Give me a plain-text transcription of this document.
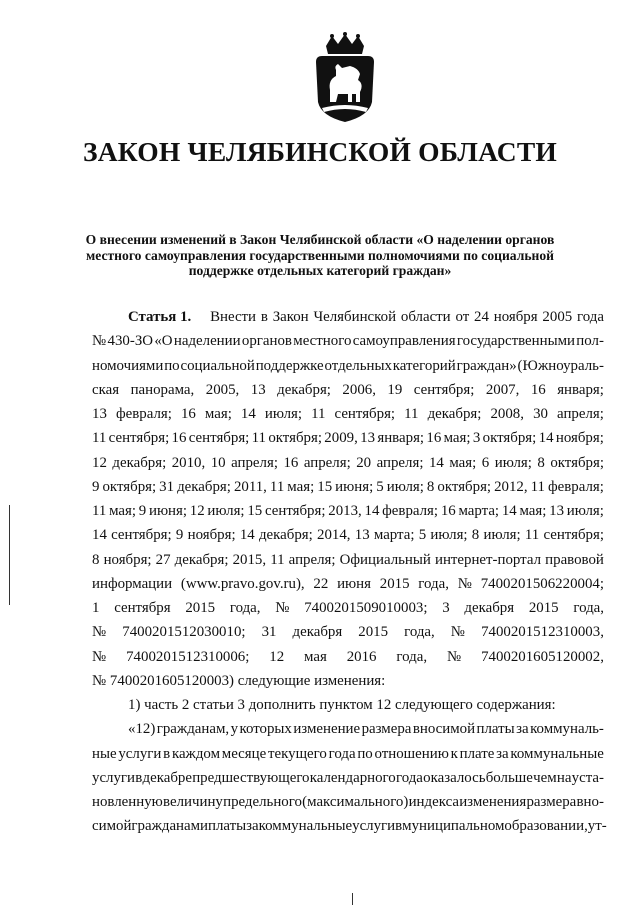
ЗАКОН ЧЕЛЯБИНСКОЙ ОБЛАСТИ
О внесении изменений в Закон Челябинской области «О наделении органов
местного самоуправления государственными полномочиями по социальной
поддержке отдельных категорий граждан»
Статья 1. Внести в Закон Челябинской области от 24 ноября 2005 года
№ 430-ЗО «О наделении органов местного самоуправления государственными пол-
номочиями по социальной поддержке отдельных категорий граждан» (Южноураль-
ская панорама, 2005, 13 декабря; 2006, 19 сентября; 2007, 16 января;
13 февраля; 16 мая; 14 июля; 11 сентября; 11 декабря; 2008, 30 апреля;
11 сентября; 16 сентября; 11 октября; 2009, 13 января; 16 мая; 3 октября; 14 ноября;
12 декабря; 2010, 10 апреля; 16 апреля; 20 апреля; 14 мая; 6 июля; 8 октября;
9 октября; 31 декабря; 2011, 11 мая; 15 июня; 5 июля; 8 октября; 2012, 11 февраля;
11 мая; 9 июня; 12 июля; 15 сентября; 2013, 14 февраля; 16 марта; 14 мая; 13 июля;
14 сентября; 9 ноября; 14 декабря; 2014, 13 марта; 5 июля; 8 июля; 11 сентября;
8 ноября; 27 декабря; 2015, 11 апреля; Официальный интернет-портал правовой
информации (www.pravo.gov.ru), 22 июня 2015 года, № 7400201506220004;
1 сентября 2015 года, № 7400201509010003; 3 декабря 2015 года,
№ 7400201512030010; 31 декабря 2015 года, № 7400201512310003,
№ 7400201512310006; 12 мая 2016 года, № 7400201605120002,
№ 7400201605120003) следующие изменения:
1) часть 2 статьи 3 дополнить пунктом 12 следующего содержания:
«12) гражданам, у которых изменение размера вносимой платы за коммуналь-
ные услуги в каждом месяце текущего года по отношению к плате за коммунальные
услуги в декабре предшествующего календарного года оказалось больше чем на уста-
новленную величину предельного (максимального) индекса изменения размера вно-
симой гражданами платы за коммунальные услуги в муниципальном образовании, ут-
